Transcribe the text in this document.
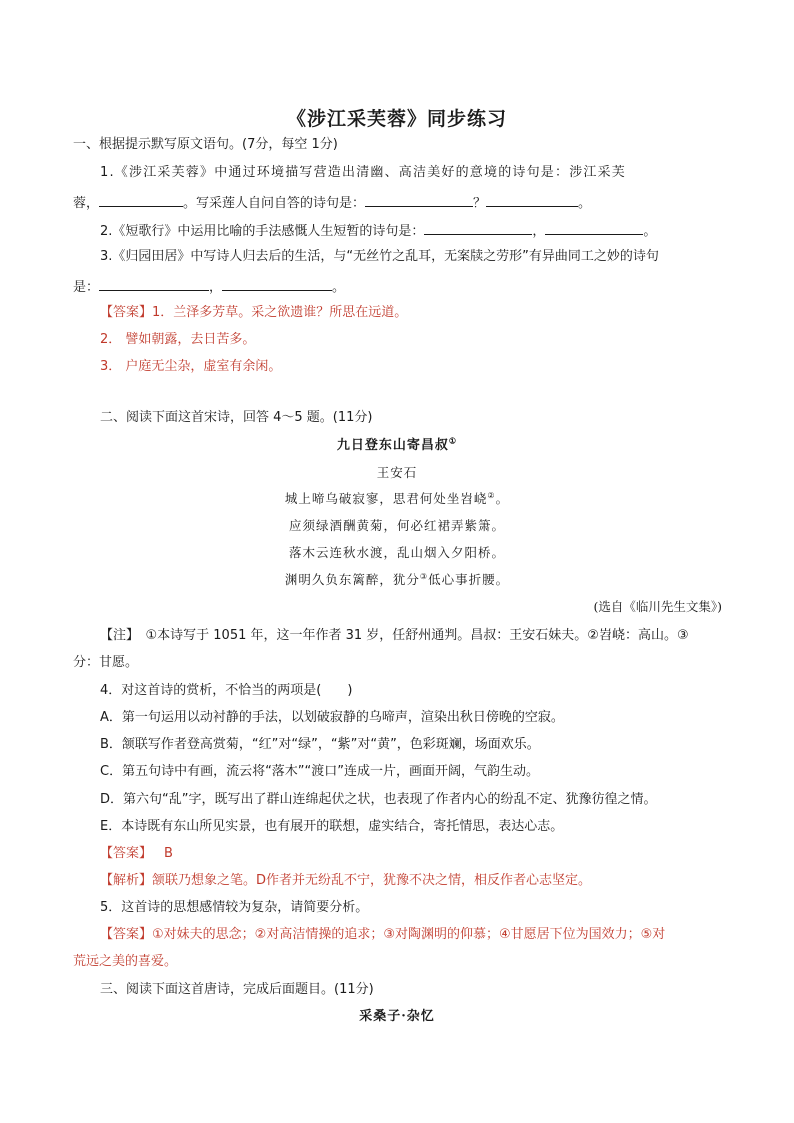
《涉江采芙蓉》同步练习
一、根据提示默写原文语句。(7分，每空 1分)
1.《涉江采芙蓉》中通过环境描写营造出清幽、高洁美好的意境的诗句是：涉江采芙
蓉，	。写采莲人自问自答的诗句是：	？	。
2.《短歌行》中运用比喻的手法感慨人生短暂的诗句是：	，	。
3.《归园田居》中写诗人归去后的生活，与“无丝竹之乱耳，无案牍之劳形”有异曲同工之妙的诗句
是：	，	。
【答案】1．兰泽多芳草。采之欲遗谁？所思在远道。
2． 譬如朝露，去日苦多。
3． 户庭无尘杂，虚室有余闲。
二、阅读下面这首宋诗，回答 4～5 题。(11分)
九日登东山寄昌叔①
王安石
城上啼乌破寂寥，思君何处坐岧峣②。
应须绿酒酬黄菊，何必红裙弄紫箫。
落木云连秋水渡，乱山烟入夕阳桥。
渊明久负东篱醉，犹分③低心事折腰。
(选自《临川先生文集》)
【注】　①本诗写于 1051 年，这一年作者 31 岁，任舒州通判。昌叔：王安石妹夫。②岧峣：高山。③
分：甘愿。
4．对这首诗的赏析，不恰当的两项是(　　)
A．第一句运用以动衬静的手法，以划破寂静的乌啼声，渲染出秋日傍晚的空寂。
B．颔联写作者登高赏菊，“红”对“绿”，“紫”对“黄”，色彩斑斓，场面欢乐。
C．第五句诗中有画，流云将“落木”“渡口”连成一片，画面开阔，气韵生动。
D．第六句“乱”字，既写出了群山连绵起伏之状，也表现了作者内心的纷乱不定、犹豫彷徨之情。
E．本诗既有东山所见实景，也有展开的联想，虚实结合，寄托情思，表达心志。
【答案】 B
【解析】颔联乃想象之笔。D作者并无纷乱不宁，犹豫不决之情，相反作者心志坚定。
5．这首诗的思想感情较为复杂，请简要分析。
【答案】①对妹夫的思念；②对高洁情操的追求；③对陶渊明的仰慕；④甘愿居下位为国效力；⑤对
荒远之美的喜爱。
三、阅读下面这首唐诗，完成后面题目。(11分)
采桑子·杂忆
